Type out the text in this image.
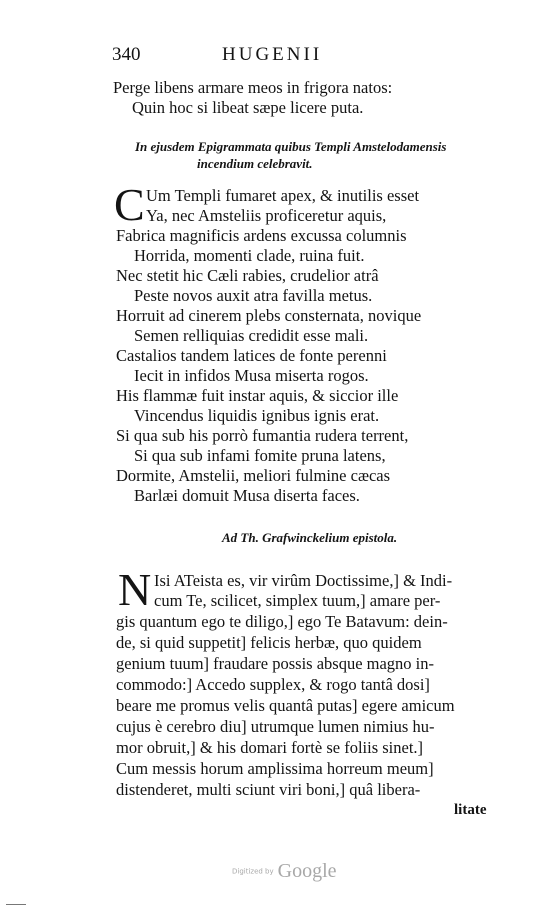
340	HUGENII
Perge libens armare meos in frigora natos:
Quin hoc si libeat sæpe licere puta.
In ejusdem Epigrammata quibus Templi Amstelodamensis
incendium celebravit.
C Um Templi fumaret apex, & inutilis esset
Ya, nec Amsteliis proficeretur aquis,
Fabrica magnificis ardens excussa columnis
Horrida, momenti clade, ruina fuit.
Nec stetit hic Cæli rabies, crudelior atrâ
Peste novos auxit atra favilla metus.
Horruit ad cinerem plebs consternata, novique
Semen relliquias credidit esse mali.
Castalios tandem latices de fonte perenni
Iecit in infidos Musa miserta rogos.
His flammæ fuit instar aquis, & siccior ille
Vincendus liquidis ignibus ignis erat.
Si qua sub his porrò fumantia rudera terrent,
Si qua sub infami fomite pruna latens,
Dormite, Amstelii, meliori fulmine cæcas
Barlæi domuit Musa diserta faces.
Ad Th. Grafwinckelium epistola.
N Isi ATeista es, vir virûm Doctissime,] & Indi-
cum Te, scilicet, simplex tuum,] amare per-
gis quantum ego te diligo,] ego Te Batavum: dein-
de, si quid suppetit] felicis herbæ, quo quidem
genium tuum] fraudare possis absque magno in-
commodo:] Accedo supplex, & rogo tantâ dosi]
beare me promus velis quantâ putas] egere amicum
cujus è cerebro diu] utrumque lumen nimius hu-
mor obruit,] & his domari fortè se foliis sinet.]
Cum messis horum amplissima horreum meum]
distenderet, multi sciunt viri boni,] quâ libera-
litate
Digitized by Google
